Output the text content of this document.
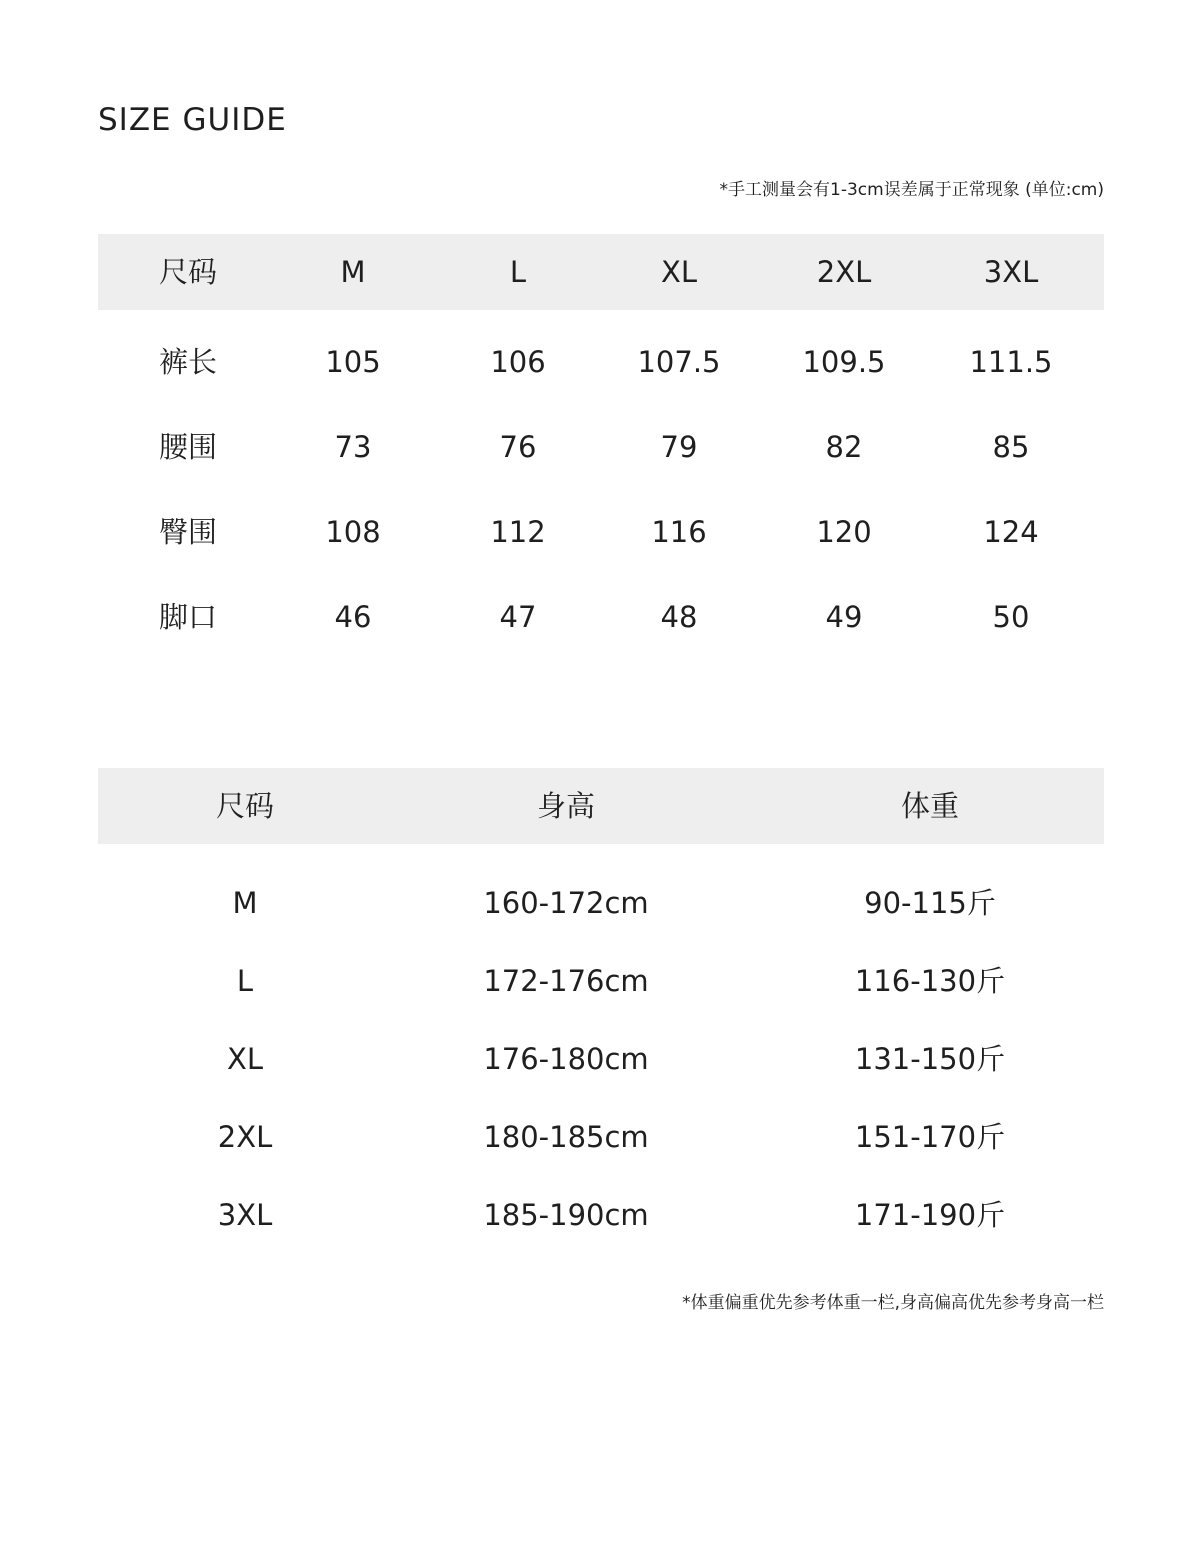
SIZE GUIDE
*手工测量会有1-3cm误差属于正常现象 (单位:cm)
尺码	M	L	XL	2XL	3XL
裤长	105	106	107.5	109.5	111.5
腰围	73	76	79	82	85
臀围	108	112	116	120	124
脚口	46	47	48	49	50
尺码	身高	体重
M	160-172cm	90-115斤
L	172-176cm	116-130斤
XL	176-180cm	131-150斤
2XL	180-185cm	151-170斤
3XL	185-190cm	171-190斤
*体重偏重优先参考体重一栏,身高偏高优先参考身高一栏
